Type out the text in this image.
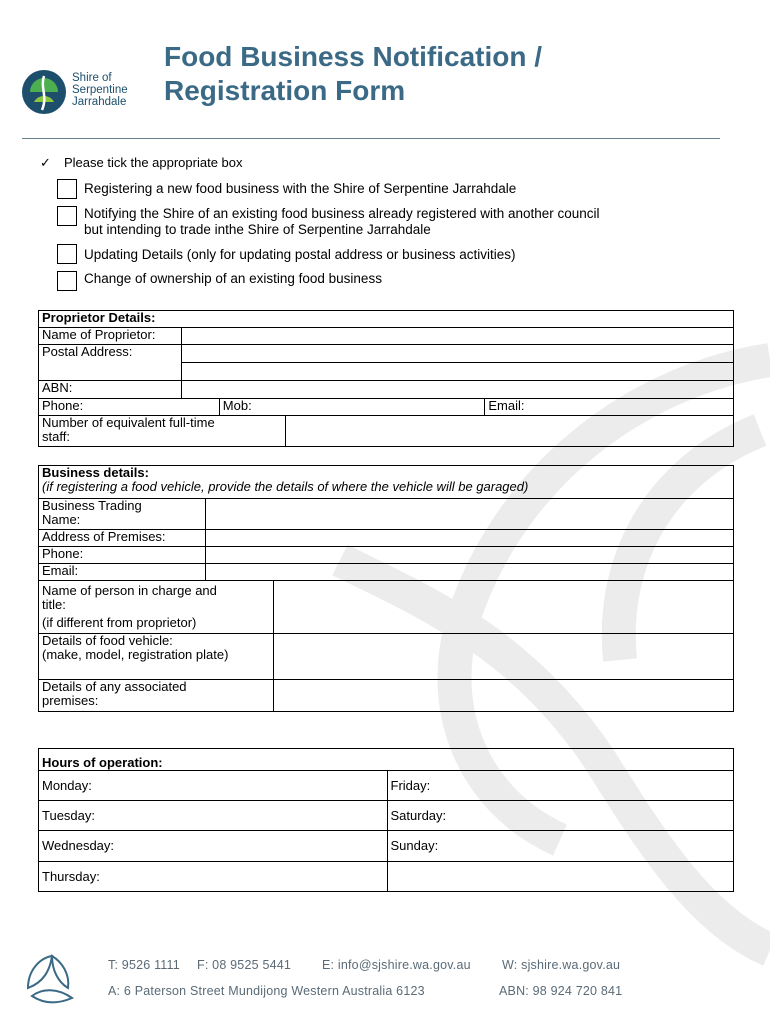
Shire of
Serpentine
Jarrahdale
Food Business Notification /
Registration Form
✓ Please tick the appropriate box
Registering a new food business with the Shire of Serpentine Jarrahdale
Notifying the Shire of an existing food business already registered with another council
but intending to trade inthe Shire of Serpentine Jarrahdale
Updating Details (only for updating postal address or business activities)
Change of ownership of an existing food business
Proprietor Details:				
Name of Proprietor:				
Postal Address:				

ABN:				
Phone:		Mob:		Email:

Number of equivalent full-time
staff:				

Business details:
(if registering a food vehicle, provide the details of where the vehicle will be garaged)		

Business Trading
Name:		

Address of Premises:		
Phone:		
Email:		

Name of person in charge and
title:
(if different from proprietor)		

Details of food vehicle:
(make, model, registration plate)		

Details of any associated
premises:		

Hours of operation:	
Monday:	Friday:
Tuesday:	Saturday:
Wednesday:	Sunday:
Thursday:	
T: 9526 1111 F: 08 9525 5441 E: info@sjshire.wa.gov.au W: sjshire.wa.gov.au
A: 6 Paterson Street Mundijong Western Australia 6123	ABN: 98 924 720 841
